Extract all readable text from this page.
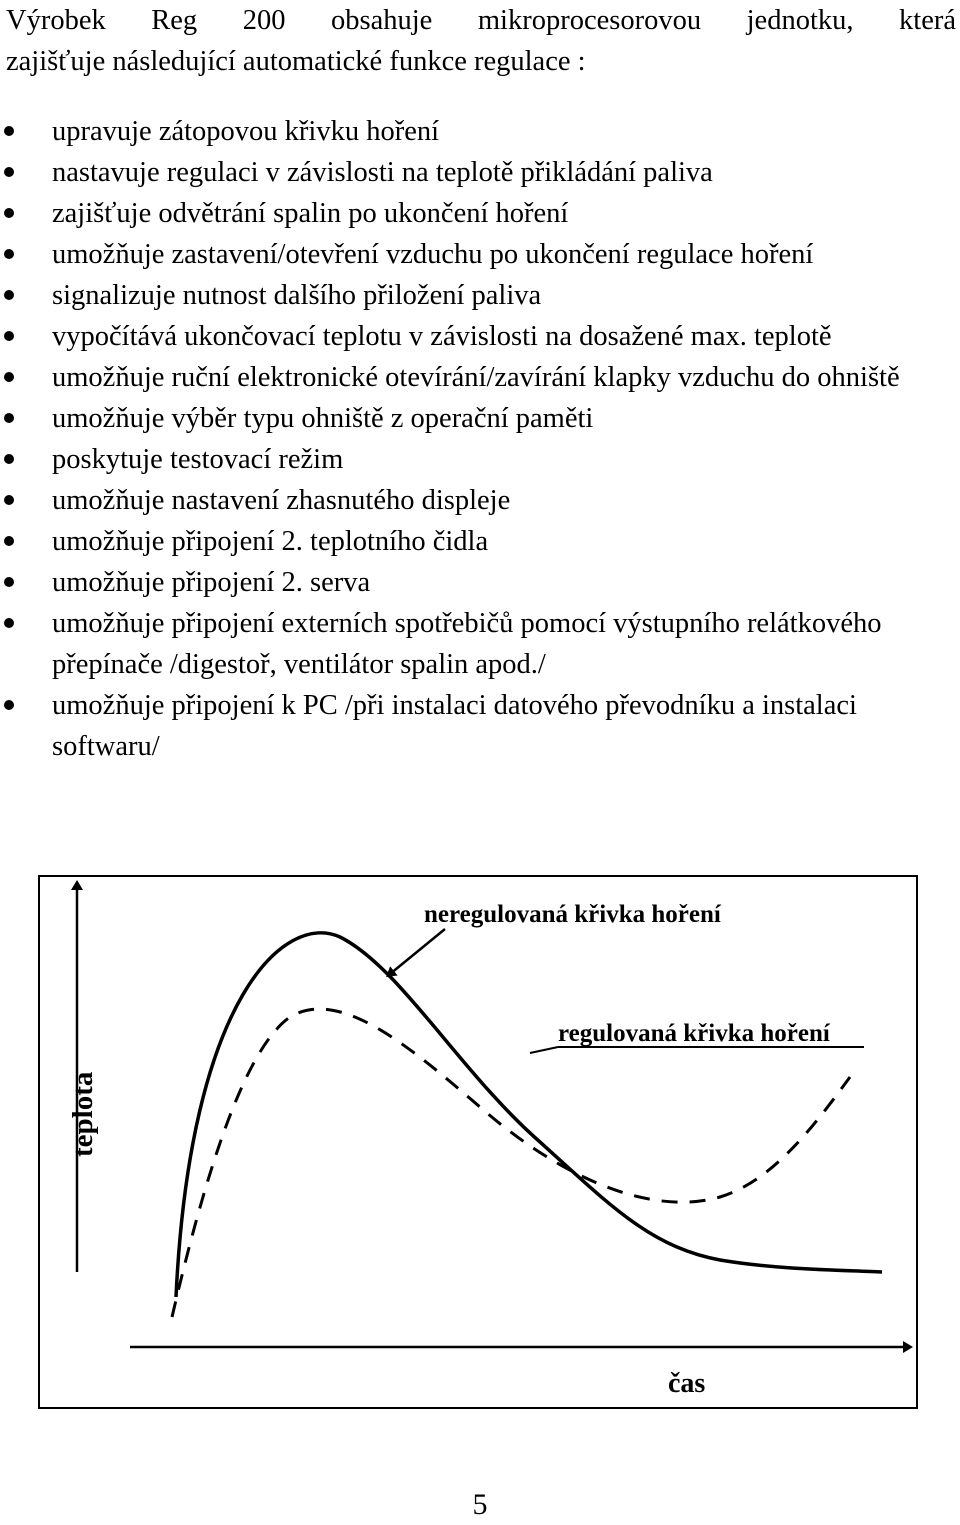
Výrobek Reg 200 obsahuje mikroprocesorovou jednotku, která

zajišťuje následující automatické funkce regulace :
upravuje zátopovou křivku hoření
nastavuje regulaci v závislosti na teplotě přikládání paliva
zajišťuje odvětrání spalin po ukončení hoření
umožňuje zastavení/otevření vzduchu po ukončení regulace hoření
signalizuje nutnost dalšího přiložení paliva
vypočítává ukončovací teplotu v závislosti na dosažené max. teplotě
umožňuje ruční elektronické otevírání/zavírání klapky vzduchu do ohniště
umožňuje výběr typu ohniště z operační paměti
poskytuje testovací režim
umožňuje nastavení zhasnutého displeje
umožňuje připojení 2. teplotního čidla
umožňuje připojení 2. serva
umožňuje připojení externích spotřebičů pomocí výstupního relátkového přepínače /digestoř, ventilátor spalin apod./
umožňuje připojení k PC /při instalaci datového převodníku a instalaci softwaru/
teplota
čas
neregulovaná křivka hoření
regulovaná křivka hoření
5
